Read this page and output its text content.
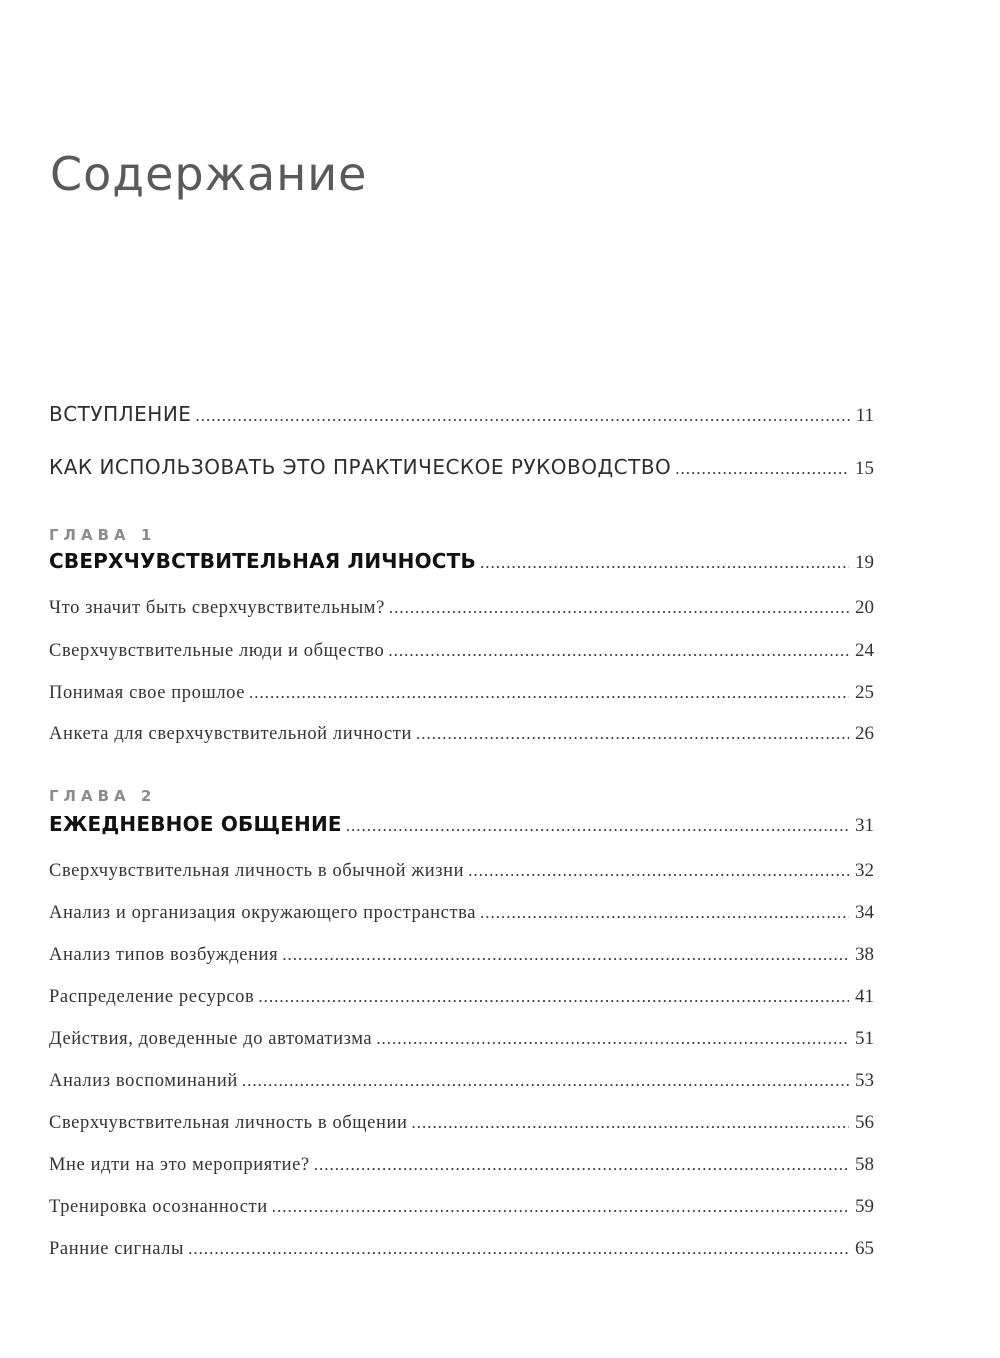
Содержание
ВСТУПЛЕНИЕ .....	11
КАК ИСПОЛЬЗОВАТЬ ЭТО ПРАКТИЧЕСКОЕ РУКОВОДСТВО .....	15
ГЛАВА 1
СВЕРХЧУВСТВИТЕЛЬНАЯ ЛИЧНОСТЬ .....	19
Что значит быть сверхчувствительным? .....	20
Сверхчувствительные люди и общество .....	24
Понимая свое прошлое .....	25
Анкета для сверхчувствительной личности .....	26
ГЛАВА 2
ЕЖЕДНЕВНОЕ ОБЩЕНИЕ .....	31
Сверхчувствительная личность в обычной жизни .....	32
Анализ и организация окружающего пространства .....	34
Анализ типов возбуждения .....	38
Распределение ресурсов .....	41
Действия, доведенные до автоматизма .....	51
Анализ воспоминаний .....	53
Сверхчувствительная личность в общении .....	56
Мне идти на это мероприятие? .....	58
Тренировка осознанности .....	59
Ранние сигналы .....	65
